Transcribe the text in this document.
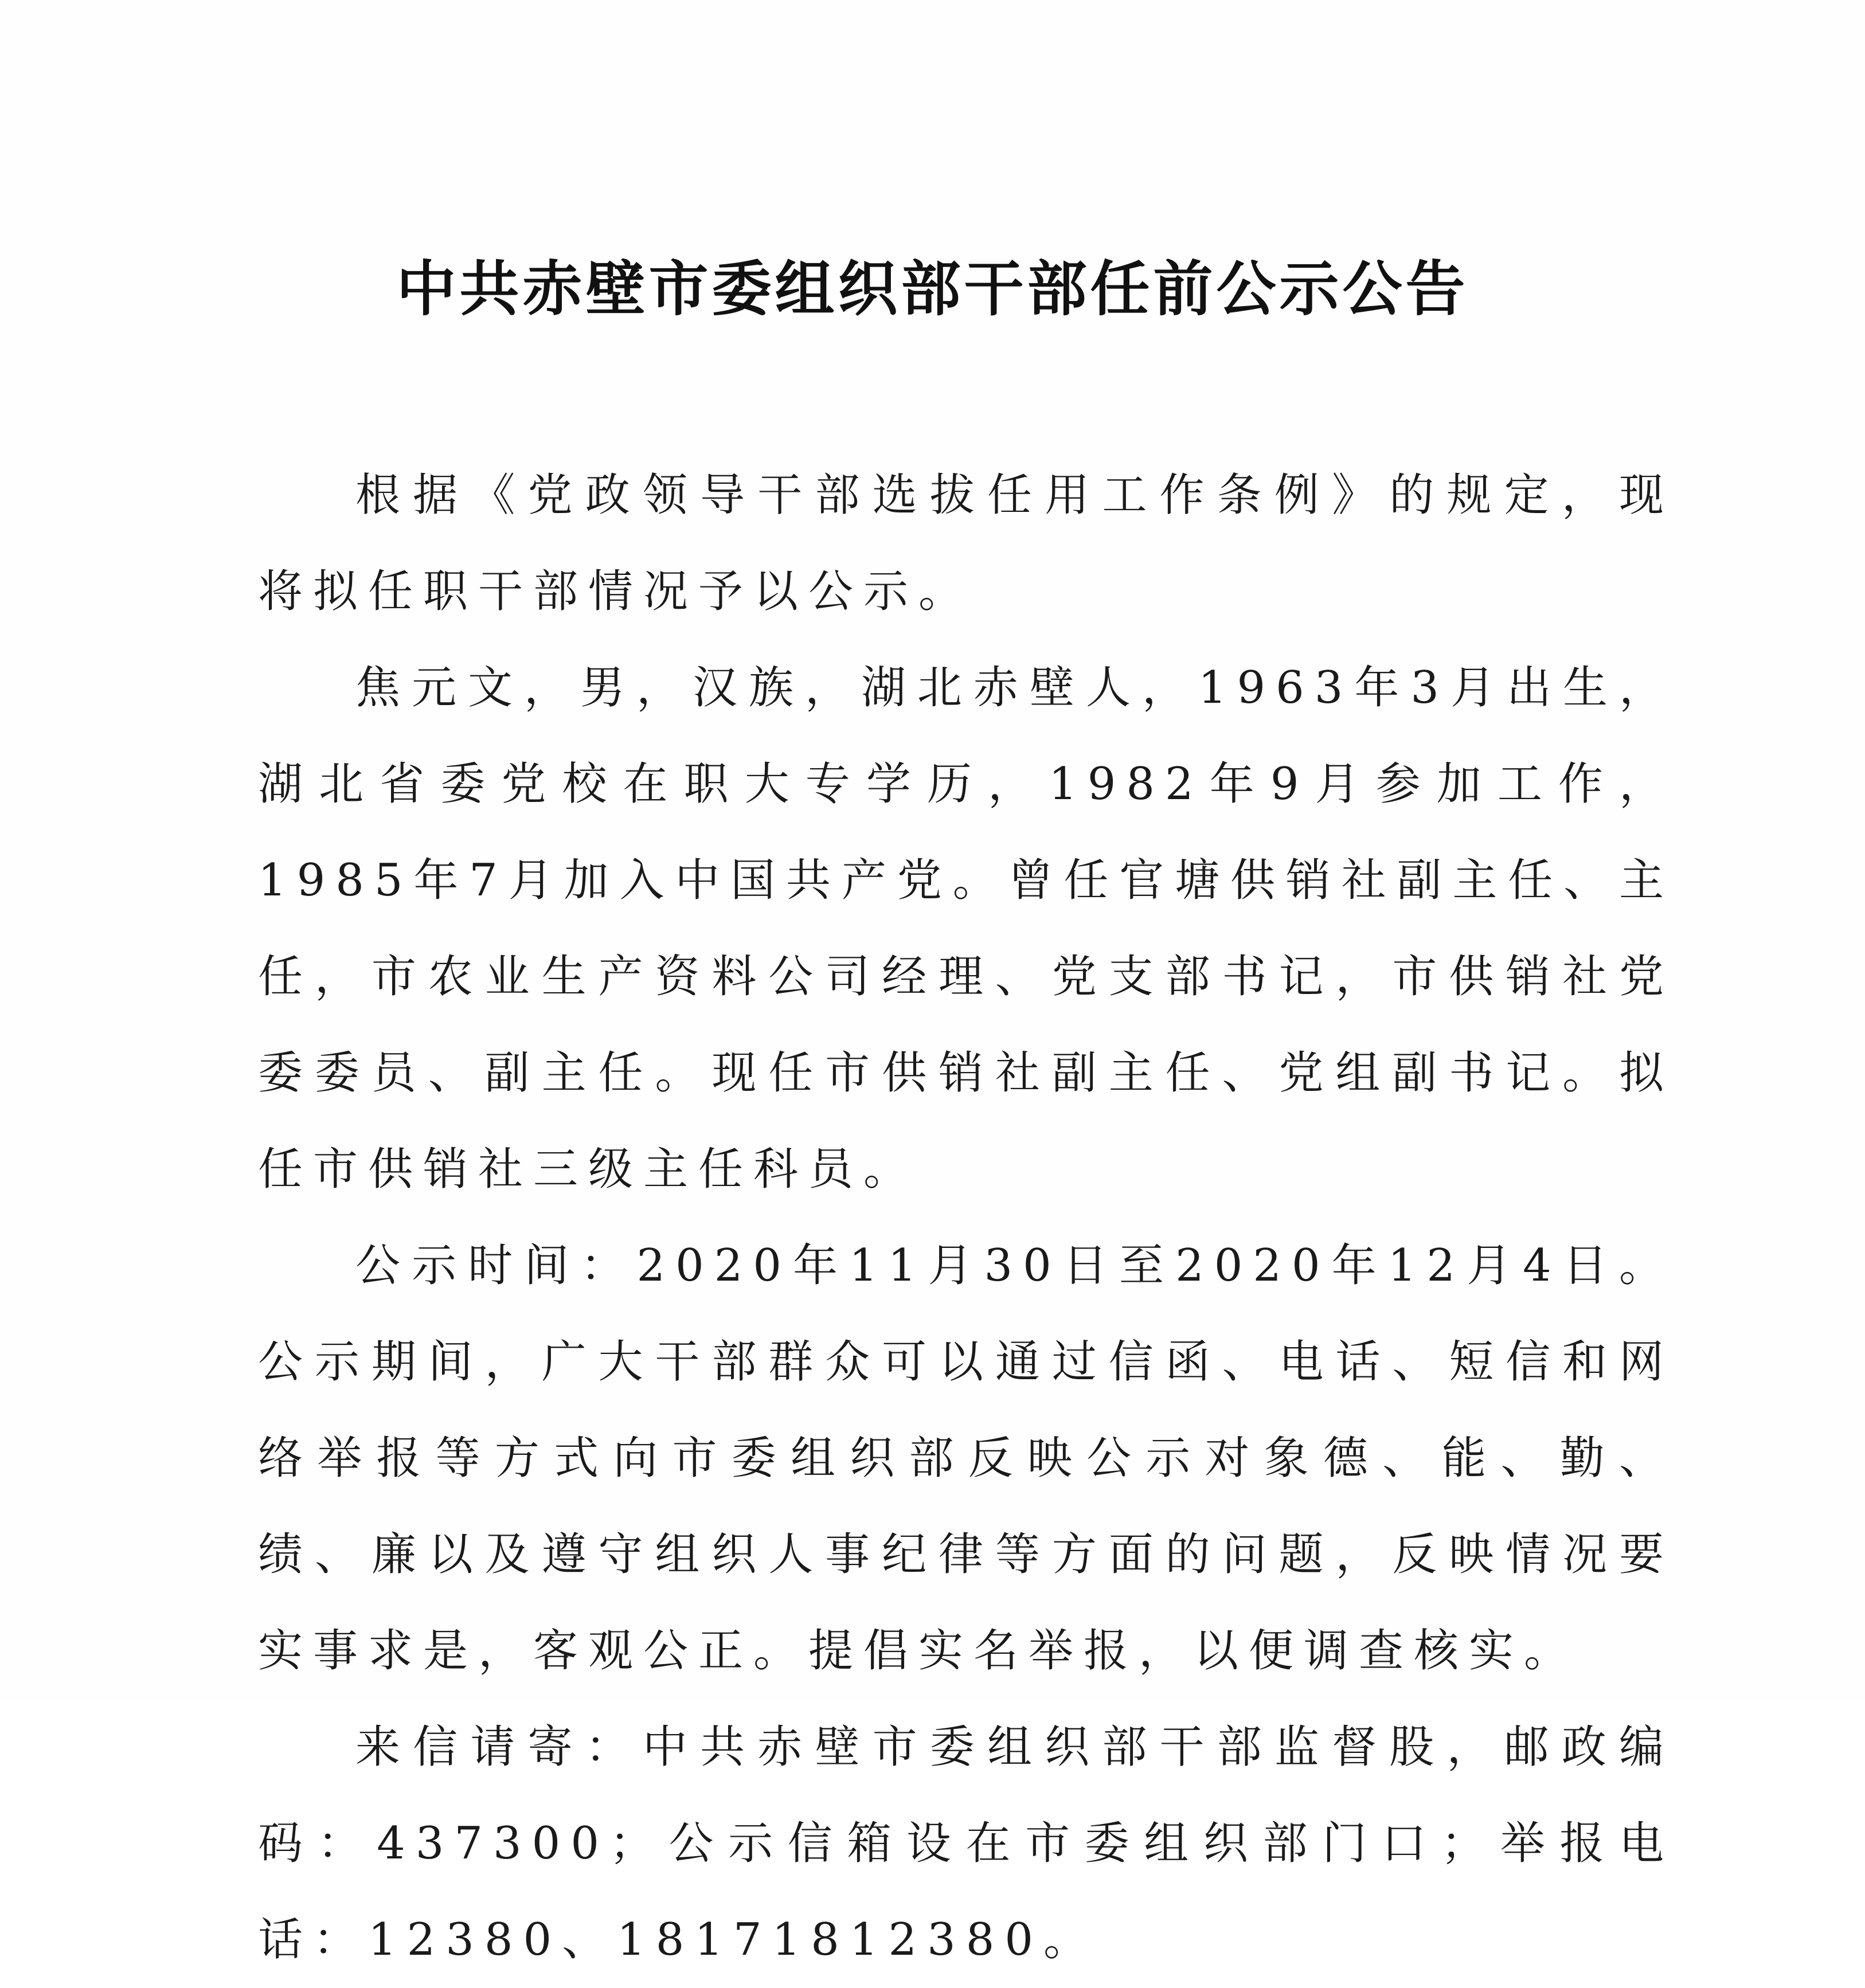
中共赤壁市委组织部干部任前公示公告

根据《党政领导干部选拔任用工作条例》的规定，现将拟任职干部情况予以公示。

焦元文，男，汉族，湖北赤壁人，1963年3月出生，湖北省委党校在职大专学历，1982年9月参加工作，1985年7月加入中国共产党。曾任官塘供销社副主任、主任，市农业生产资料公司经理、党支部书记，市供销社党委委员、副主任。现任市供销社副主任、党组副书记。拟任市供销社三级主任科员。

公示时间：2020年11月30日至2020年12月4日。公示期间，广大干部群众可以通过信函、电话、短信和网络举报等方式向市委组织部反映公示对象德、能、勤、绩、廉以及遵守组织人事纪律等方面的问题，反映情况要实事求是，客观公正。提倡实名举报，以便调查核实。

来信请寄：中共赤壁市委组织部干部监督股，邮政编码：437300；公示信箱设在市委组织部门口；举报电话：12380、18171812380。
